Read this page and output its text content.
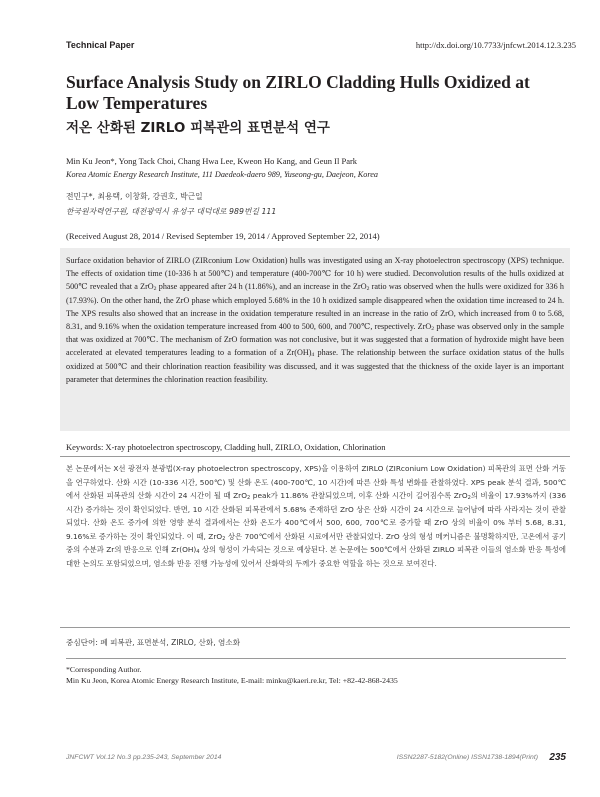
Technical Paper	http://dx.doi.org/10.7733/jnfcwt.2014.12.3.235
Surface Analysis Study on ZIRLO Cladding Hulls Oxidized at Low Temperatures
저온 산화된 ZIRLO 피복관의 표면분석 연구
Min Ku Jeon*, Yong Tack Choi, Chang Hwa Lee, Kweon Ho Kang, and Geun Il Park
Korea Atomic Energy Research Institute, 111 Daedeok-daero 989, Yuseong-gu, Daejeon, Korea
전민구*, 최용택, 이창화, 강권호, 박근일
한국원자력연구원, 대전광역시 유성구 대덕대로 989번길 111
(Received August 28, 2014 / Revised September 19, 2014 / Approved September 22, 2014)

Surface oxidation behavior of ZIRLO (ZIRconium Low Oxidation) hulls was investigated using an X-ray photoelectron spectroscopy (XPS) technique. The effects of oxidation time (10-336 h at 500℃) and temperature (400-700℃ for 10 h) were studied. Deconvolution results of the hulls oxidized at 500℃ revealed that a ZrO$_2$ phase appeared after 24 h (11.86%), and an increase in the ZrO$_2$ ratio was observed when the hulls were oxidized for 336 h (17.93%). On the other hand, the ZrO phase which employed 5.68% in the 10 h oxidized sample disappeared when the oxidation time increased to 24 h. The XPS results also showed that an increase in the oxidation temperature resulted in an increase in the ratio of ZrO, which increased from 0 to 5.68, 8.31, and 9.16% when the oxidation temperature increased from 400 to 500, 600, and 700℃, respectively. ZrO$_2$ phase was observed only in the sample that was oxidized at 700℃. The mechanism of ZrO formation was not conclusive, but it was suggested that a formation of hydroxide might have been accelerated at elevated temperatures leading to a formation of a $Zr(OH)_4$ phase. The relationship between the surface oxidation status of the hulls oxidized at 500℃ and their chlorination reaction feasibility was discussed, and it was suggested that the thickness of the oxide layer is an important parameter that determines the chlorination reaction feasibility.

Keywords: X-ray photoelectron spectroscopy, Cladding hull, ZIRLO, Oxidation, Chlorination

본 논문에서는 X선 광전자 분광법(X-ray photoelectron spectroscopy, XPS)을 이용하여 ZIRLO (ZIRconium Low Oxidation) 피복관의 표면 산화 거동을 연구하였다. 산화 시간 (10-336 시간, 500℃) 및 산화 온도 (400-700℃, 10 시간)에 따른 산화 특성 변화를 관찰하였다. XPS peak 분석 결과, 500℃에서 산화된 피복관의 산화 시간이 24 시간이 될 때 ZrO$_2$ peak가 11.86% 관찰되었으며, 이후 산화 시간이 길어짐수록 ZrO$_2$의 비율이 17.93%까지 (336 시간) 증가하는 것이 확인되었다. 반면, 10 시간 산화된 피복관에서 5.68% 존재하던 ZrO 상은 산화 시간이 24 시간으로 늘어남에 따라 사라지는 것이 관찰되었다. 산화 온도 증가에 의한 영향 분석 결과에서는 산화 온도가 400℃에서 500, 600, 700℃로 증가할 때 ZrO 상의 비율이 0% 부터 5.68, 8.31, 9.16%로 증가하는 것이 확인되었다. 이 때, ZrO$_2$ 상은 700℃에서 산화된 시료에서만 관찰되었다. ZrO 상의 형성 메커니즘은 불명확하지만, 고온에서 공기 중의 수분과 Zr의 반응으로 인해 $Zr(OH)_4$ 상의 형성이 가속되는 것으로 예상된다. 본 논문에는 500℃에서 산화된 ZIRLO 피복관 이들의 염소화 반응 특성에 대한 논의도 포함되었으며, 염소화 반응 진행 가능성에 있어서 산화막의 두께가 중요한 역할을 하는 것으로 보여진다.

중심단어: 폐 피복관, 표면분석, ZIRLO, 산화, 염소화
*Corresponding Author.
Min Ku Jeon, Korea Atomic Energy Research Institute, E-mail: minku@kaeri.re.kr, Tel: +82-42-868-2435
JNFCWT Vol.12 No.3 pp.235-243, September 2014	ISSN2287-5182(Online) ISSN1738-1894(Print) 235
